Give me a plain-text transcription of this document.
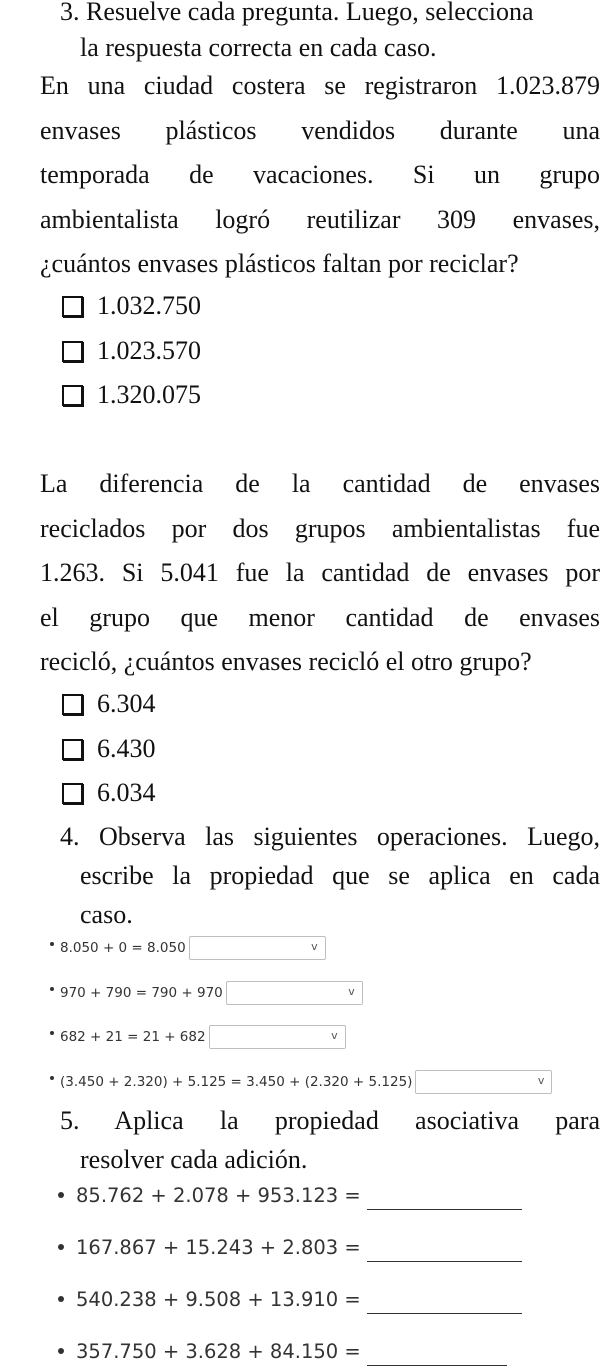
3. Resuelve cada pregunta. Luego, selecciona
la respuesta correcta en cada caso.
En una ciudad costera se registraron 1.023.879
envases plásticos vendidos durante una
temporada de vacaciones. Si un grupo
ambientalista logró reutilizar 309 envases,
¿cuántos envases plásticos faltan por reciclar?
1.032.750
1.023.570
1.320.075
La diferencia de la cantidad de envases
reciclados por dos grupos ambientalistas fue
1.263. Si 5.041 fue la cantidad de envases por
el grupo que menor cantidad de envases
recicló, ¿cuántos envases recicló el otro grupo?
6.304
6.430
6.034
4. Observa las siguientes operaciones. Luego,
escribe la propiedad que se aplica en cada
caso.
8.050 + 0 = 8.050	v
970 + 790 = 790 + 970	v
682 + 21 = 21 + 682	v
(3.450 + 2.320) + 5.125 = 3.450 + (2.320 + 5.125)	v
5. Aplica la propiedad asociativa para
resolver cada adición.
85.762 + 2.078 + 953.123 =
167.867 + 15.243 + 2.803 =
540.238 + 9.508 + 13.910 =
357.750 + 3.628 + 84.150 =
